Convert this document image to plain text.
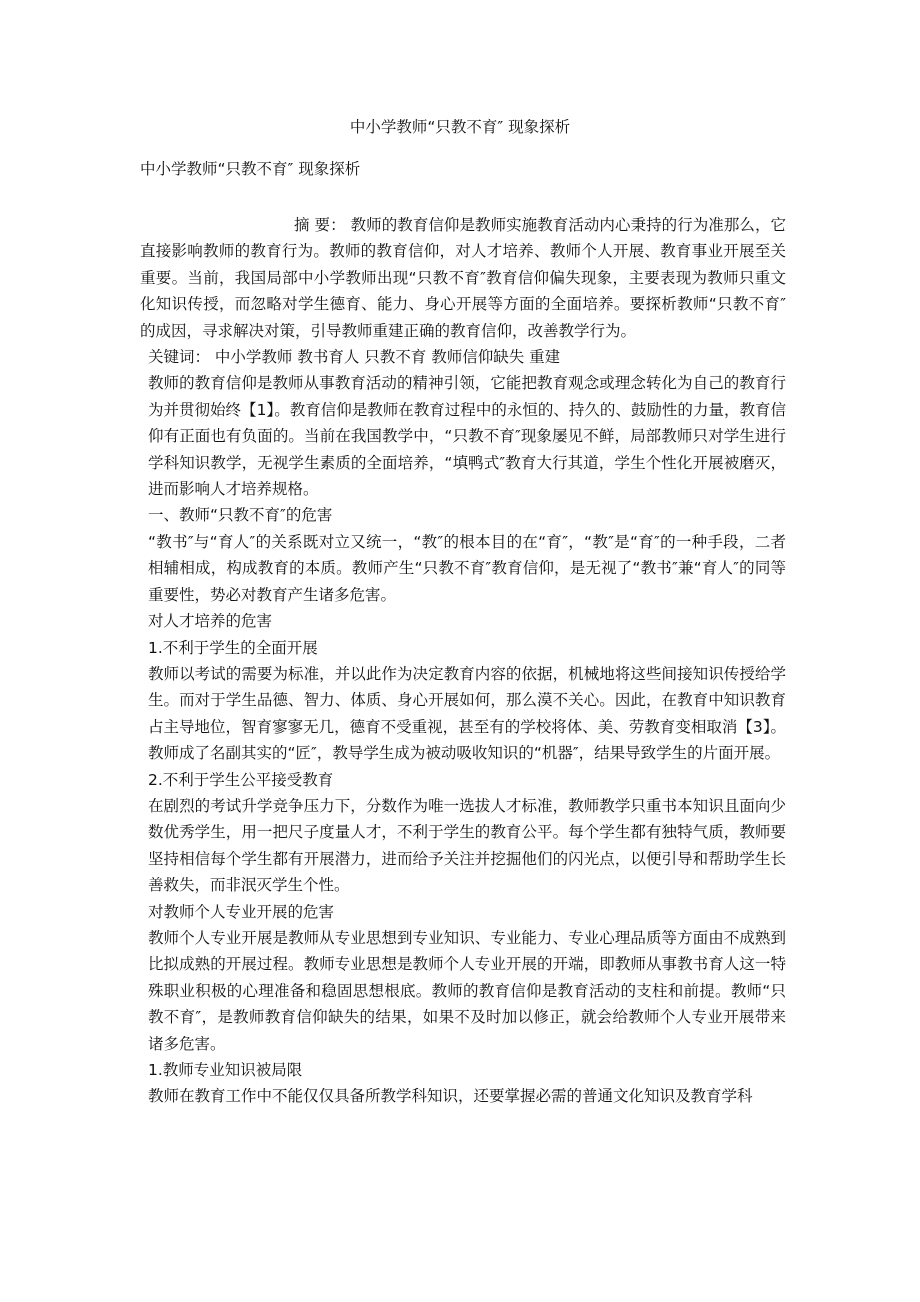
中小学教师“只教不育″ 现象探析
中小学教师“只教不育″ 现象探析

摘 要： 教师的教育信仰是教师实施教育活动内心秉持的行为准那么，它直接影响教师的教育行为。教师的教育信仰，对人才培养、教师个人开展、教育事业开展至关重要。当前，我国局部中小学教师出现“只教不育″教育信仰偏失现象，主要表现为教师只重文化知识传授，而忽略对学生德育、能力、身心开展等方面的全面培养。要探析教师“只教不育″的成因，寻求解决对策，引导教师重建正确的教育信仰，改善教学行为。

关键词： 中小学教师 教书育人 只教不育 教师信仰缺失 重建

教师的教育信仰是教师从事教育活动的精神引领，它能把教育观念或理念转化为自己的教育行为并贯彻始终【1】。教育信仰是教师在教育过程中的永恒的、持久的、鼓励性的力量，教育信仰有正面也有负面的。当前在我国教学中，“只教不育″现象屡见不鲜，局部教师只对学生进行学科知识教学，无视学生素质的全面培养，“填鸭式″教育大行其道，学生个性化开展被磨灭，进而影响人才培养规格。

一、教师“只教不育″的危害

“教书″与“育人″的关系既对立又统一，“教″的根本目的在“育″，“教″是“育″的一种手段，二者相辅相成，构成教育的本质。教师产生“只教不育″教育信仰，是无视了“教书″兼“育人″的同等重要性，势必对教育产生诸多危害。

对人才培养的危害

1.不利于学生的全面开展

教师以考试的需要为标准，并以此作为决定教育内容的依据，机械地将这些间接知识传授给学生。而对于学生品德、智力、体质、身心开展如何，那么漠不关心。因此，在教育中知识教育占主导地位，智育寥寥无几，德育不受重视，甚至有的学校将体、美、劳教育变相取消【3】。教师成了名副其实的“匠″，教导学生成为被动吸收知识的“机器″，结果导致学生的片面开展。

2.不利于学生公平接受教育

在剧烈的考试升学竞争压力下，分数作为唯一选拔人才标准，教师教学只重书本知识且面向少数优秀学生，用一把尺子度量人才，不利于学生的教育公平。每个学生都有独特气质，教师要坚持相信每个学生都有开展潜力，进而给予关注并挖掘他们的闪光点，以便引导和帮助学生长善救失，而非泯灭学生个性。

对教师个人专业开展的危害

教师个人专业开展是教师从专业思想到专业知识、专业能力、专业心理品质等方面由不成熟到比拟成熟的开展过程。教师专业思想是教师个人专业开展的开端，即教师从事教书育人这一特殊职业积极的心理准备和稳固思想根底。教师的教育信仰是教育活动的支柱和前提。教师“只教不育″，是教师教育信仰缺失的结果，如果不及时加以修正，就会给教师个人专业开展带来诸多危害。

1.教师专业知识被局限

教师在教育工作中不能仅仅具备所教学科知识，还要掌握必需的普通文化知识及教育学科
